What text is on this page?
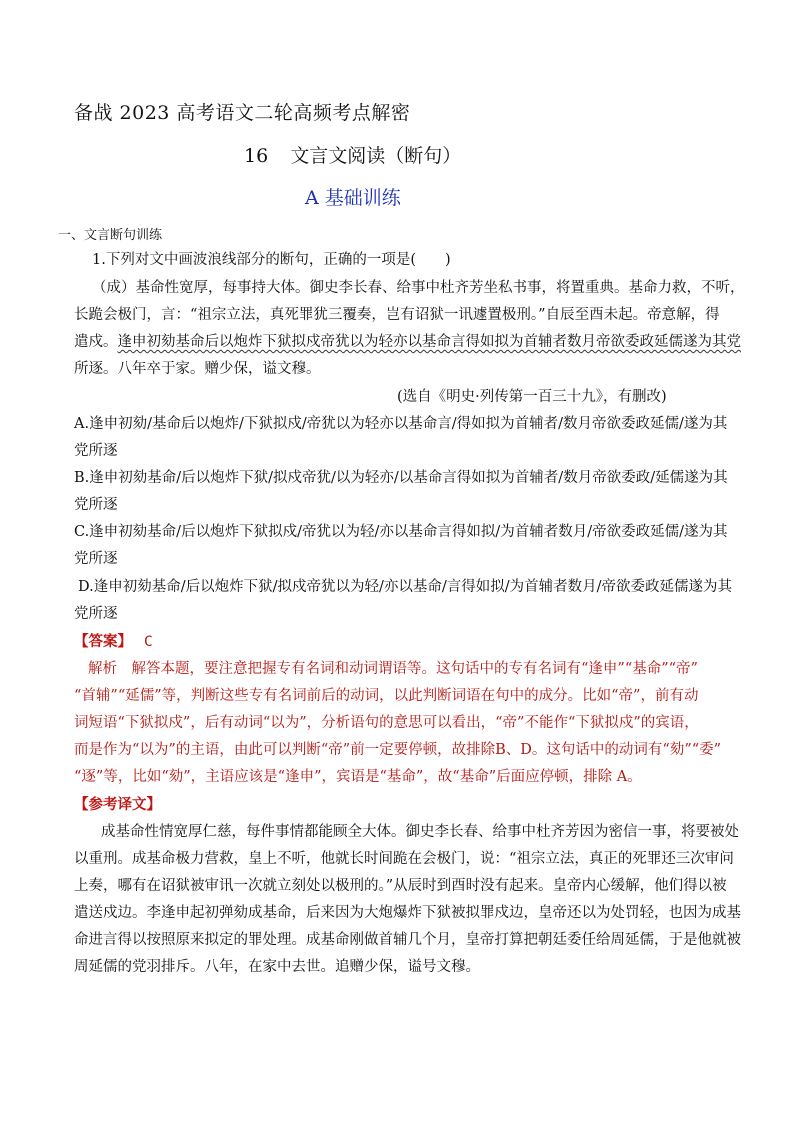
备战 2023 高考语文二轮高频考点解密
16 文言文阅读（断句）
A 基础训练
一、文言断句训练
1.下列对文中画波浪线部分的断句，正确的一项是(　　)
（成）基命性宽厚，每事持大体。御史李长春、给事中杜齐芳坐私书事，将置重典。基命力救，不听，
长跪会极门，言：“祖宗立法，真死罪犹三覆奏，岂有诏狱一讯遽置极刑。”自辰至酉未起。帝意解，得
遣戍。逢申初劾基命后以炮炸下狱拟戍帝犹以为轻亦以基命言得如拟为首辅者数月帝欲委政延儒遂为其党
所逐。八年卒于家。赠少保，谥文穆。
(选自《明史·列传第一百三十九》，有删改)
A.逢申初劾/基命后以炮炸/下狱拟戍/帝犹以为轻亦以基命言/得如拟为首辅者/数月帝欲委政延儒/遂为其
党所逐
B.逢申初劾基命/后以炮炸下狱/拟戍帝犹/以为轻亦/以基命言得如拟为首辅者/数月帝欲委政/延儒遂为其
党所逐
C.逢申初劾基命/后以炮炸下狱拟戍/帝犹以为轻/亦以基命言得如拟/为首辅者数月/帝欲委政延儒/遂为其
党所逐
D.逢申初劾基命/后以炮炸下狱/拟戍帝犹以为轻/亦以基命/言得如拟/为首辅者数月/帝欲委政延儒遂为其
党所逐
【答案】 C
解析　解答本题，要注意把握专有名词和动词谓语等。这句话中的专有名词有“逢申”“基命”“帝”
“首辅”“延儒”等，判断这些专有名词前后的动词，以此判断词语在句中的成分。比如“帝”，前有动
词短语“下狱拟戍”，后有动词“以为”，分析语句的意思可以看出，“帝”不能作“下狱拟戍”的宾语，
而是作为“以为”的主语，由此可以判断“帝”前一定要停顿，故排除B、D。这句话中的动词有“劾”“委”
“逐”等，比如“劾”，主语应该是“逢申”，宾语是“基命”，故“基命”后面应停顿，排除 A。
【参考译文】
成基命性情宽厚仁慈，每件事情都能顾全大体。御史李长春、给事中杜齐芳因为密信一事，将要被处
以重刑。成基命极力营救，皇上不听，他就长时间跪在会极门，说：“祖宗立法，真正的死罪还三次审问
上奏，哪有在诏狱被审讯一次就立刻处以极刑的。”从辰时到酉时没有起来。皇帝内心缓解，他们得以被
遣送戍边。李逢申起初弹劾成基命，后来因为大炮爆炸下狱被拟罪戍边，皇帝还以为处罚轻，也因为成基
命进言得以按照原来拟定的罪处理。成基命刚做首辅几个月，皇帝打算把朝廷委任给周延儒，于是他就被
周延儒的党羽排斥。八年，在家中去世。追赠少保，谥号文穆。
